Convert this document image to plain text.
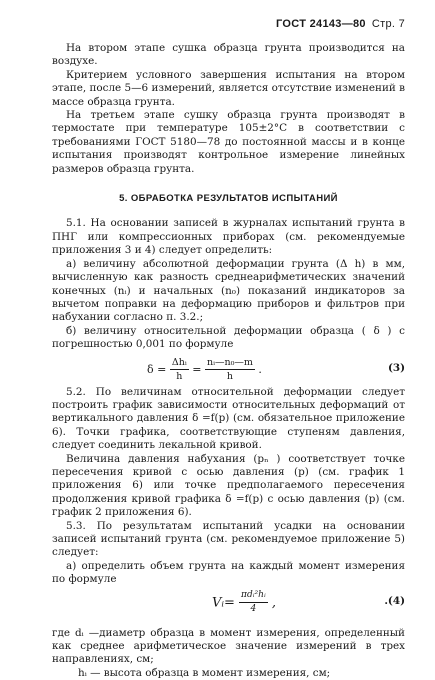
ГОСТ 24143—80 Стр. 7

На втором этапе сушка образца грунта производится на воздухе.

Критерием условного завершения испытания на втором этапе, после 5—6 измерений, является отсутствие изменений в массе образца грунта.

На третьем этапе сушку образца грунта производят в термостате при температуре 105±2°С в соответствии с требованиями ГОСТ 5180—78 до постоянной массы и в конце испытания производят контрольное измерение линейных размеров образца грунта.

5. ОБРАБОТКА РЕЗУЛЬТАТОВ ИСПЫТАНИЙ

5.1. На основании записей в журналах испытаний грунта в ПНГ или компрессионных приборах (см. рекомендуемые приложения 3 и 4) следует определить:

а) величину абсолютной деформации грунта (Δ h) в мм, вычисленную как разность среднеарифметических значений конечных (nᵢ) и начальных (n₀) показаний индикаторов за вычетом поправки на деформацию приборов и фильтров при набухании согласно п. 3.2.;

б) величину относительной деформации образца ( δ ) с погрешностью 0,001 по формуле

$\delta = \frac{\text{Δhᵢ}}{h} = \frac{\text{nᵢ—n₀—m}}{h}$ .	(3)

5.2. По величинам относительной деформации следует построить график зависимости относительных деформаций от вертикального давления δ =f(p) (см. обязательное приложение 6). Точки графика, соответствующие ступеням давления, следует соединить лекальной кривой.

Величина давления набухания (pₙ ) соответствует точке пересечения кривой с осью давления (p) (см. график 1 приложения 6) или точке предполагаемого пересечения продолжения кривой графика δ =f(p) с осью давления (p) (см. график 2 приложения 6).

5.3. По результатам испытаний усадки на основании записей испытаний грунта (см. рекомендуемое приложение 5) следует:

а) определить объем грунта на каждый момент измерения по формуле

Vᵢ= $\frac{\text{πdᵢ²hᵢ}}{4}$ ,	.(4)

где dᵢ —диаметр образца в момент измерения, определенный как среднее арифметическое значение измерений в трех направлениях, см;

hᵢ — высота образца в момент измерения, см;
